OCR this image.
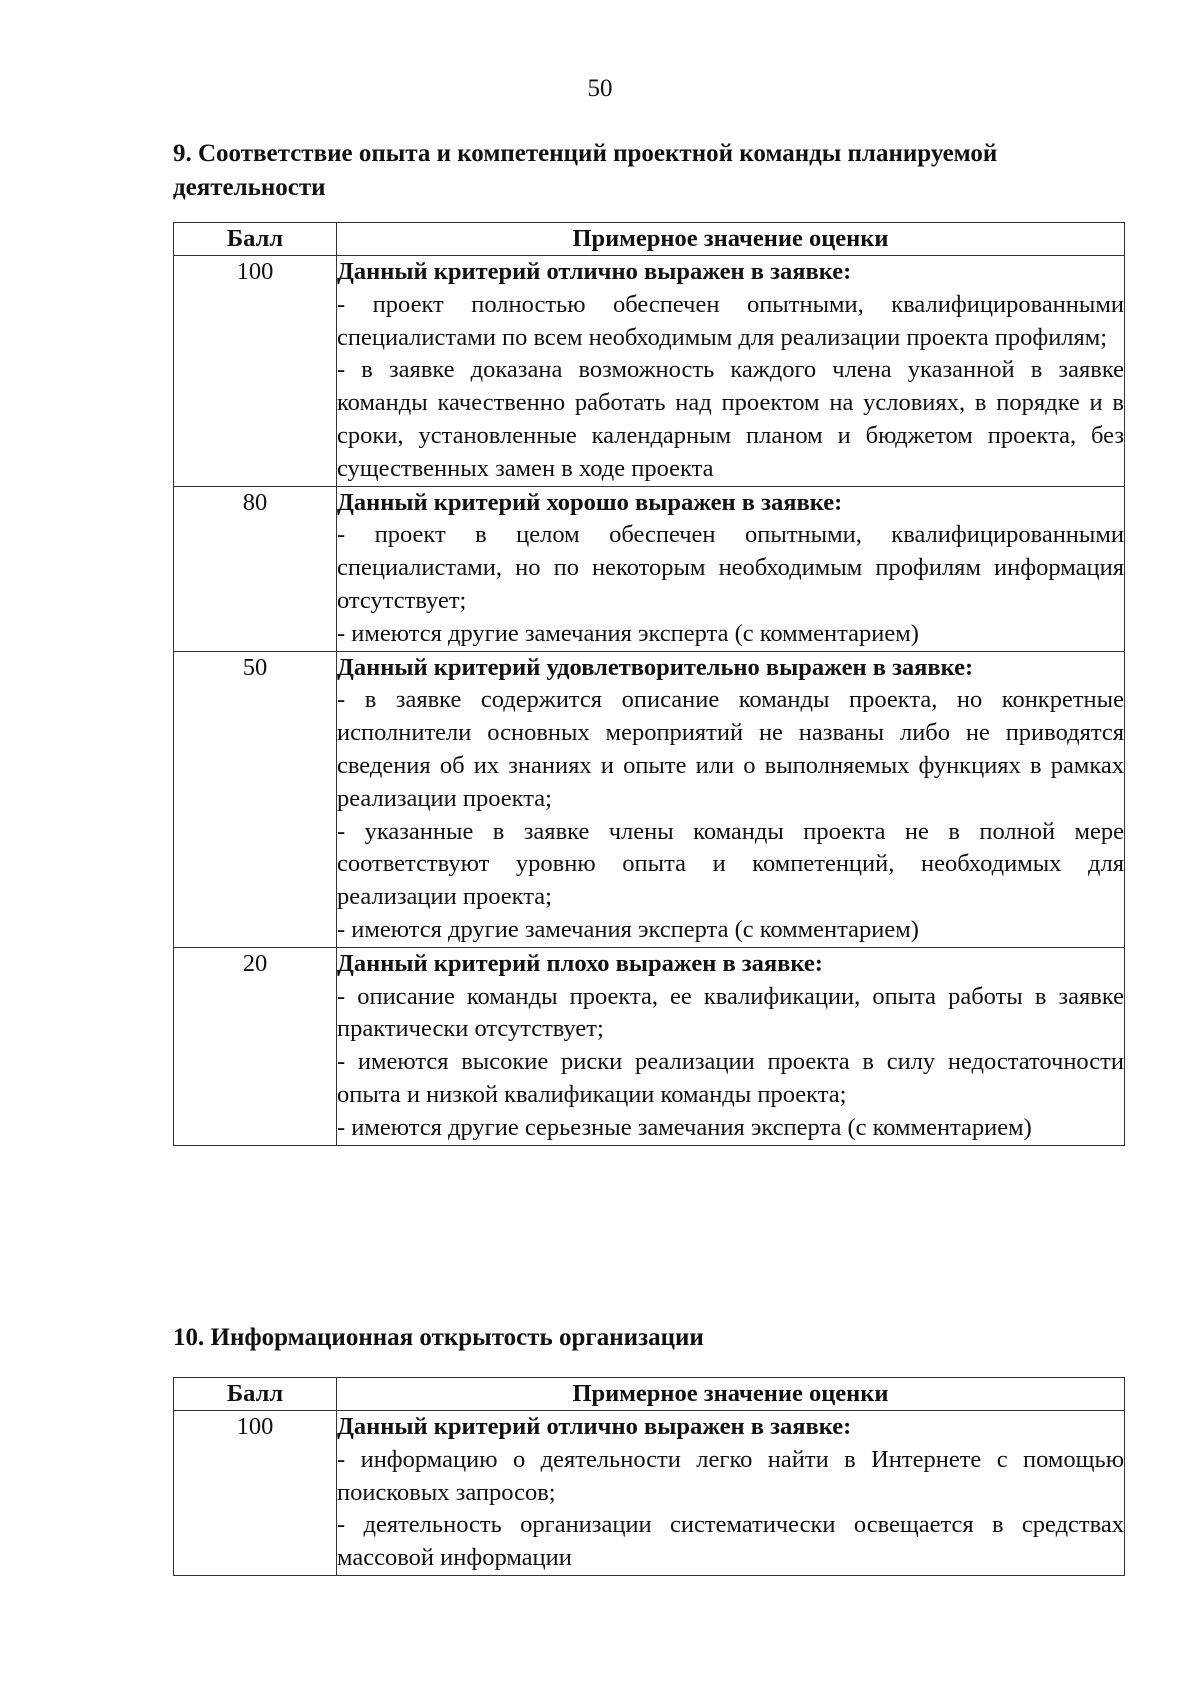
50
9. Соответствие опыта и компетенций проектной команды планируемой деятельности
Балл	Примерное значение оценки
100	Данный критерий отлично выражен в заявке:
- проект полностью обеспечен опытными, квалифицированными специалистами по всем необходимым для реализации проекта профилям;
- в заявке доказана возможность каждого члена указанной в заявке команды качественно работать над проектом на условиях, в порядке и в сроки, установленные календарным планом и бюджетом проекта, без существенных замен в ходе проекта

80	Данный критерий хорошо выражен в заявке:
- проект в целом обеспечен опытными, квалифицированными специалистами, но по некоторым необходимым профилям информация отсутствует;
- имеются другие замечания эксперта (с комментарием)

50	Данный критерий удовлетворительно выражен в заявке:
- в заявке содержится описание команды проекта, но конкретные исполнители основных мероприятий не названы либо не приводятся сведения об их знаниях и опыте или о выполняемых функциях в рамках реализации проекта;
- указанные в заявке члены команды проекта не в полной мере соответствуют уровню опыта и компетенций, необходимых для реализации проекта;
- имеются другие замечания эксперта (с комментарием)

20	Данный критерий плохо выражен в заявке:
- описание команды проекта, ее квалификации, опыта работы в заявке практически отсутствует;
- имеются высокие риски реализации проекта в силу недостаточности опыта и низкой квалификации команды проекта;
- имеются другие серьезные замечания эксперта (с комментарием)
10. Информационная открытость организации
Балл	Примерное значение оценки
100	Данный критерий отлично выражен в заявке:
- информацию о деятельности легко найти в Интернете с помощью поисковых запросов;
- деятельность организации систематически освещается в средствах массовой информации
